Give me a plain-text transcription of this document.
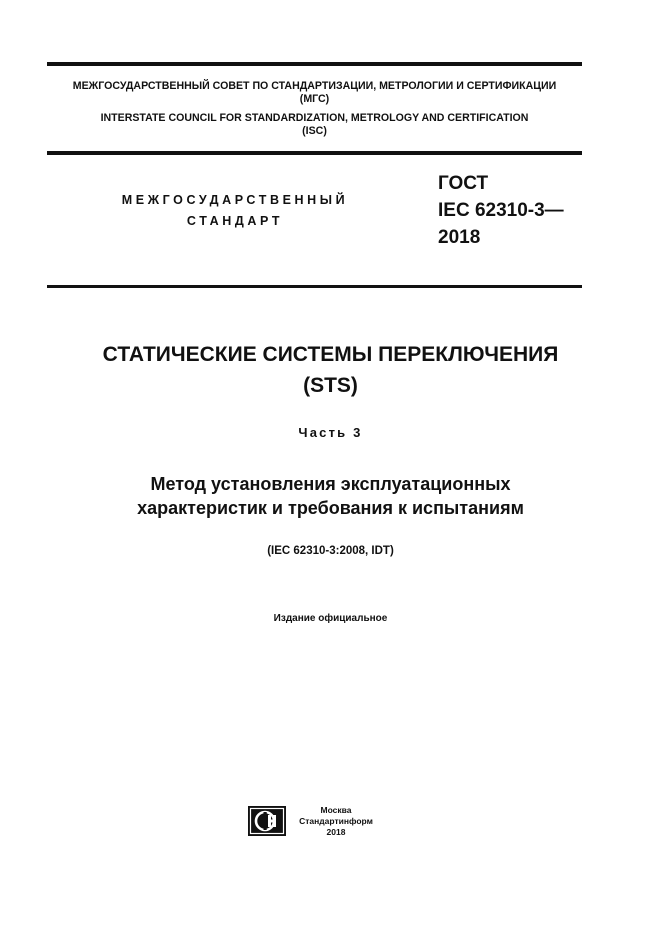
МЕЖГОСУДАРСТВЕННЫЙ СОВЕТ ПО СТАНДАРТИЗАЦИИ, МЕТРОЛОГИИ И СЕРТИФИКАЦИИ
(МГС)
INTERSTATE COUNCIL FOR STANDARDIZATION, METROLOGY AND CERTIFICATION
(ISC)
МЕЖГОСУДАРСТВЕННЫЙ
СТАНДАРТ
ГОСТ
IEC 62310-3—
2018
СТАТИЧЕСКИЕ СИСТЕМЫ ПЕРЕКЛЮЧЕНИЯ
(STS)
Часть 3
Метод установления эксплуатационных
характеристик и требования к испытаниям
(IEC 62310-3:2008, IDT)
Издание официальное
Москва
Стандартинформ
2018
